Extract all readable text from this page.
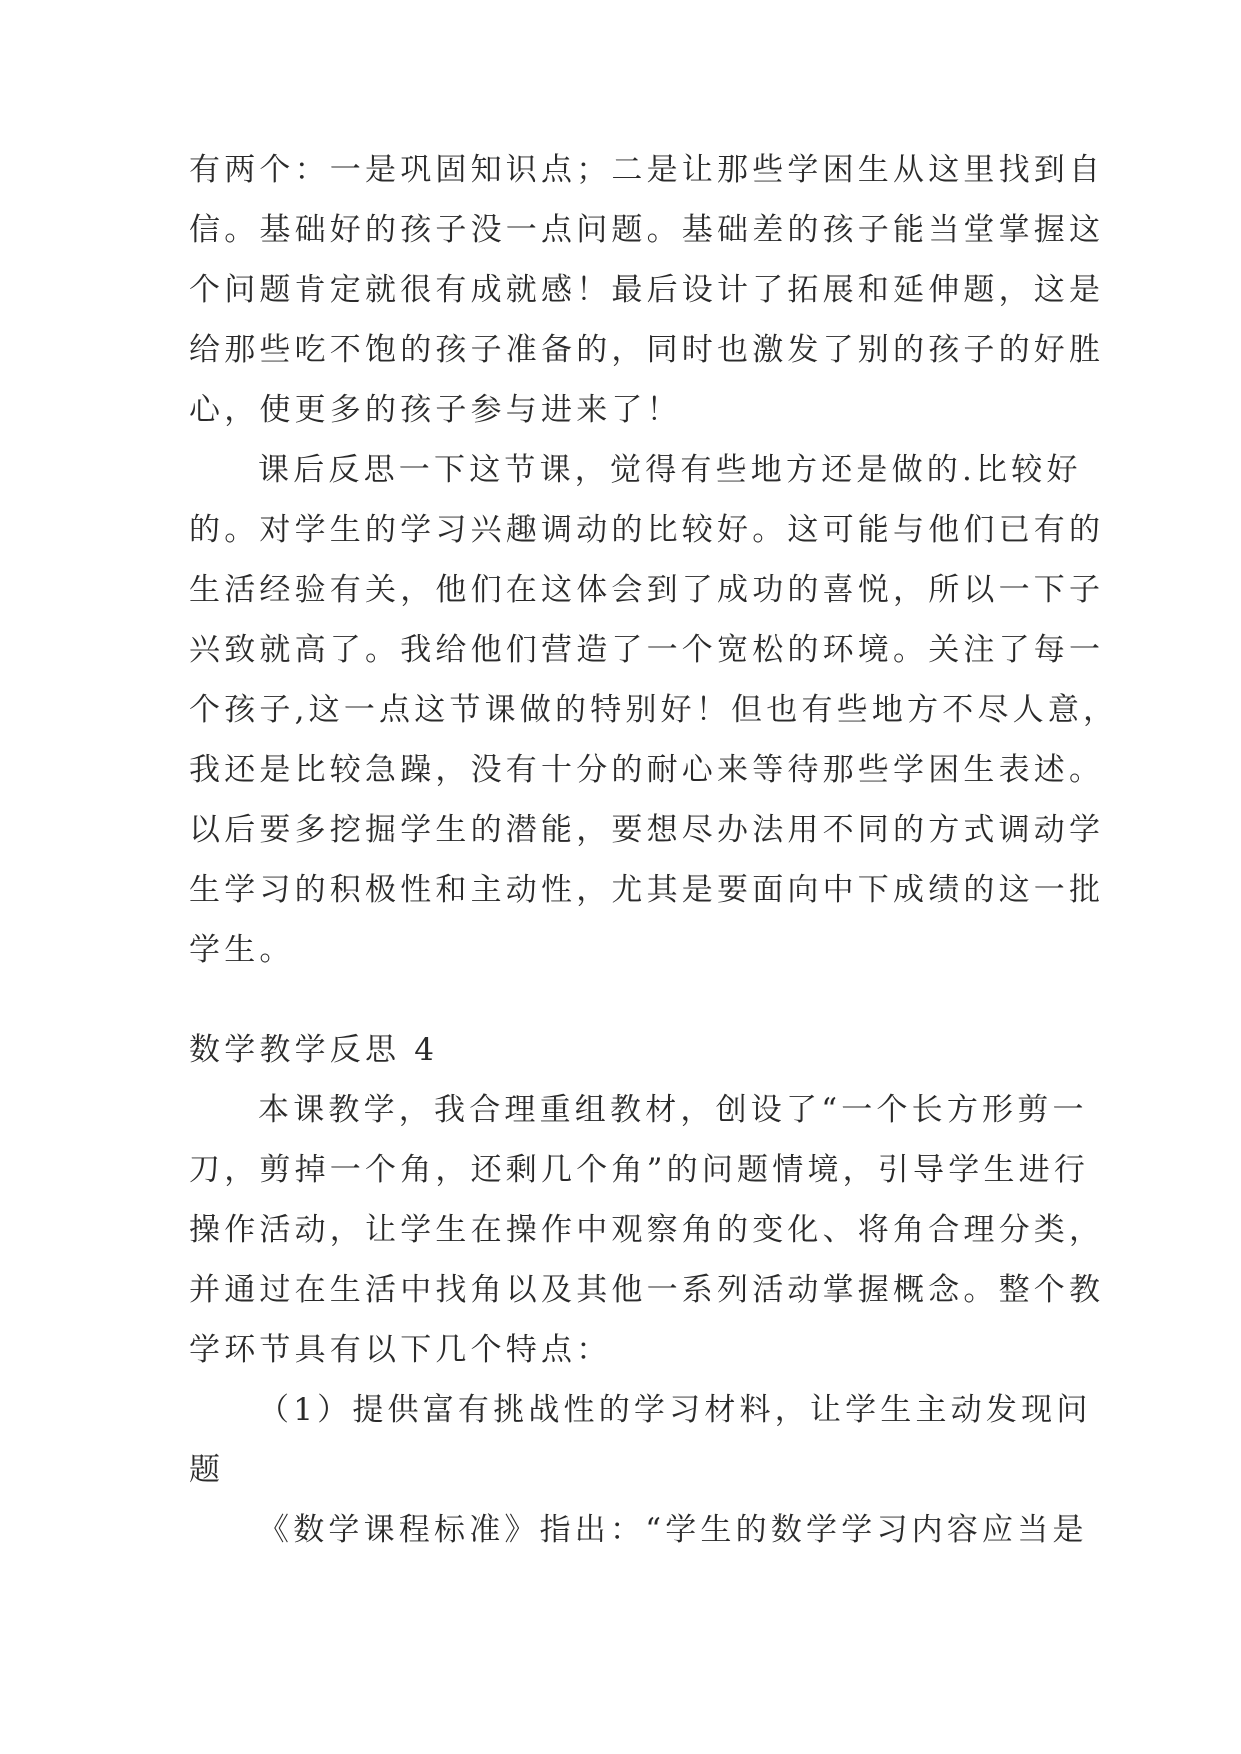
有两个：一是巩固知识点；二是让那些学困生从这里找到自
信。基础好的孩子没一点问题。基础差的孩子能当堂掌握这
个问题肯定就很有成就感！最后设计了拓展和延伸题，这是
给那些吃不饱的孩子准备的，同时也激发了别的孩子的好胜
心，使更多的孩子参与进来了！
课后反思一下这节课，觉得有些地方还是做的.比较好
的。对学生的学习兴趣调动的比较好。这可能与他们已有的
生活经验有关，他们在这体会到了成功的喜悦，所以一下子
兴致就高了。我给他们营造了一个宽松的环境。关注了每一
个孩子,这一点这节课做的特别好！但也有些地方不尽人意，
我还是比较急躁，没有十分的耐心来等待那些学困生表述。
以后要多挖掘学生的潜能，要想尽办法用不同的方式调动学
生学习的积极性和主动性，尤其是要面向中下成绩的这一批
学生。
数学教学反思 4
本课教学，我合理重组教材，创设了“一个长方形剪一
刀，剪掉一个角，还剩几个角”的问题情境，引导学生进行
操作活动，让学生在操作中观察角的变化、将角合理分类，
并通过在生活中找角以及其他一系列活动掌握概念。整个教
学环节具有以下几个特点：
（1）提供富有挑战性的学习材料，让学生主动发现问
题
《数学课程标准》指出：“学生的数学学习内容应当是
